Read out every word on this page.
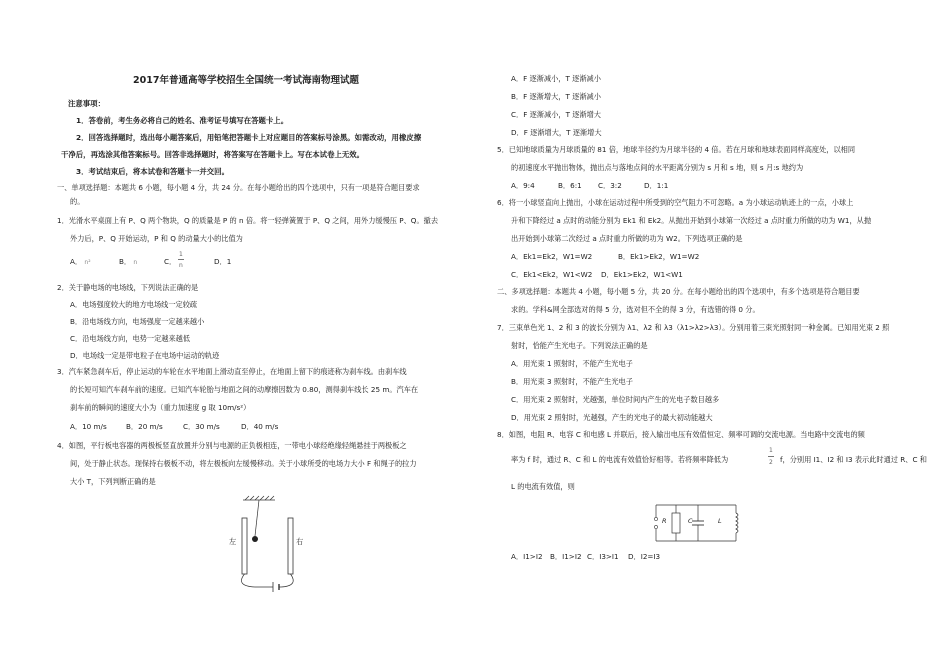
2017年普通高等学校招生全国统一考试海南物理试题
注意事项：
1．答卷前，考生务必将自己的姓名、准考证号填写在答题卡上。
2．回答选择题时，选出每小题答案后，用铅笔把答题卡上对应题目的答案标号涂黑。如需改动，用橡皮擦
干净后，再选涂其他答案标号。回答非选择题时，将答案写在答题卡上。写在本试卷上无效。
3．考试结束后，将本试卷和答题卡一并交回。
一、单项选择题：本题共 6 小题，每小题 4 分，共 24 分。在每小题给出的四个选项中，只有一项是符合题目要求
的。
1．光滑水平桌面上有 P、Q 两个物块，Q 的质量是 P 的 n 倍。将一轻弹簧置于 P、Q 之间，用外力缓慢压 P、Q。撤去
外力后，P、Q 开始运动，P 和 Q 的动量大小的比值为
A． n²	B． n	C．
1
n	D．1
2．关于静电场的电场线，下列说法正确的是
A．电场强度较大的地方电场线一定较疏
B．沿电场线方向，电场强度一定越来越小
C．沿电场线方向，电势一定越来越低
D．电场线一定是带电粒子在电场中运动的轨迹
3．汽车紧急刹车后，停止运动的车轮在水平地面上滑动直至停止，在地面上留下的痕迹称为刹车线。由刹车线
的长短可知汽车刹车前的速度。已知汽车轮胎与地面之间的动摩擦因数为 0.80，测得刹车线长 25 m。汽车在
刹车前的瞬间的速度大小为（重力加速度 g 取 10m/s²）
A．10 m/s	B．20 m/s	C．30 m/s	D．40 m/s
4．如图，平行板电容器的两极板竖直放置并分别与电源的正负极相连，一带电小球经绝缘轻绳悬挂于两极板之
间，处于静止状态。现保持右极板不动，将左极板向左缓慢移动。关于小球所受的电场力大小 F 和绳子的拉力
大小 T，下列判断正确的是
左	右
A．F 逐渐减小，T 逐渐减小
B．F 逐渐增大，T 逐渐减小
C．F 逐渐减小，T 逐渐增大
D．F 逐渐增大，T 逐渐增大
5．已知地球质量为月球质量的 81 倍，地球半径约为月球半径的 4 倍。若在月球和地球表面同样高度处，以相同
的初速度水平抛出物体，抛出点与落地点间的水平距离分别为 s 月和 s 地，则 s 月:s 地约为
A．9:4	B．6:1 C．3:2	D．1:1
6．将一小球竖直向上抛出，小球在运动过程中所受到的空气阻力不可忽略。a 为小球运动轨迹上的一点，小球上
升和下降经过 a 点时的动能分别为 Ek1 和 Ek2。从抛出开始到小球第一次经过 a 点时重力所做的功为 W1，从抛
出开始到小球第二次经过 a 点时重力所做的功为 W2。下列选项正确的是
A．Ek1=Ek2，W1=W2	B．Ek1>Ek2，W1=W2
C．Ek1<Ek2，W1<W2 D．Ek1>Ek2，W1<W1
二、多项选择题：本题共 4 小题，每小题 5 分，共 20 分。在每小题给出的四个选项中，有多个选项是符合题目要
求的。学科&网全部选对的得 5 分，选对但不全的得 3 分，有选错的得 0 分。
7．三束单色光 1、2 和 3 的波长分别为 λ1、λ2 和 λ3（λ1>λ2>λ3）。分别用着三束光照射同一种金属。已知用光束 2 照
射时，恰能产生光电子。下列说法正确的是
A．用光束 1 照射时，不能产生光电子
B．用光束 3 照射时，不能产生光电子
C．用光束 2 照射时，光越强，单位时间内产生的光电子数目越多
D．用光束 2 照射时，光越强，产生的光电子的最大初动能越大
8．如图，电阻 R、电容 C 和电感 L 并联后，接入输出电压有效值恒定、频率可调的交流电源。当电路中交流电的频
率为 f 时，通过 R、C 和 L 的电流有效值恰好相等。若将频率降低为
1
2 f，分别用 I1、I2 和 I3 表示此时通过 R、C 和
L 的电流有效值，则
R	C	L
A．I1>I2 B．I1>I2 C．I3>I1 D．I2=I3
